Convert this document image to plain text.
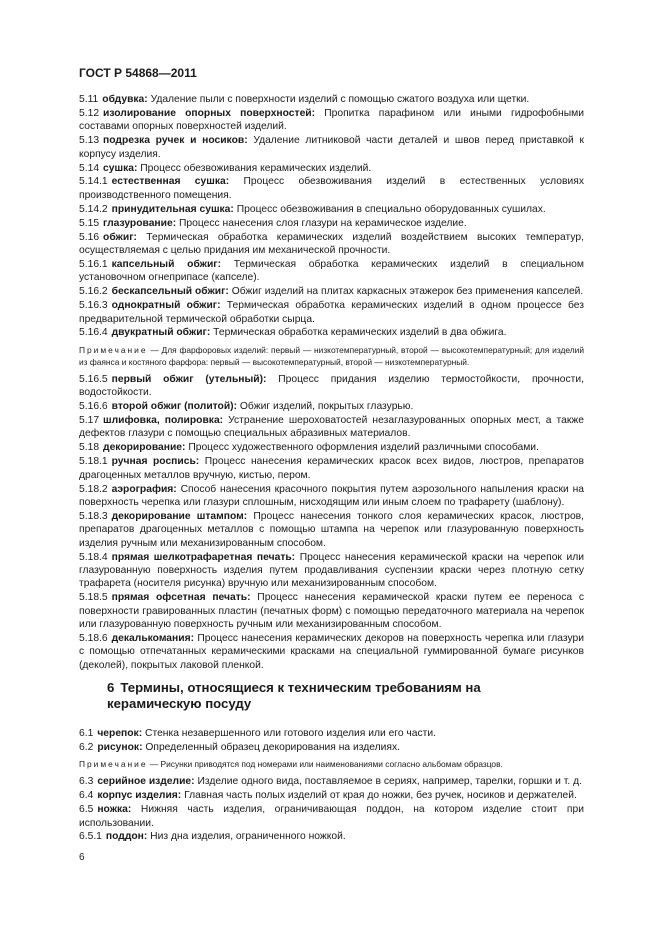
ГОСТ Р 54868—2011
5.11 обдувка: Удаление пыли с поверхности изделий с помощью сжатого воздуха или щетки.
5.12 изолирование опорных поверхностей: Пропитка парафином или иными гидрофобными составами опорных поверхностей изделий.
5.13 подрезка ручек и носиков: Удаление литниковой части деталей и швов перед приставкой к корпусу изделия.
5.14 сушка: Процесс обезвоживания керамических изделий.
5.14.1 естественная сушка: Процесс обезвоживания изделий в естественных условиях производственного помещения.
5.14.2 принудительная сушка: Процесс обезвоживания в специально оборудованных сушилах.
5.15 глазурование: Процесс нанесения слоя глазури на керамическое изделие.
5.16 обжиг: Термическая обработка керамических изделий воздействием высоких температур, осуществляемая с целью придания им механической прочности.
5.16.1 капсельный обжиг: Термическая обработка керамических изделий в специальном установочном огнеприпасе (капселе).
5.16.2 бескапсельный обжиг: Обжиг изделий на плитах каркасных этажерок без применения капселей.
5.16.3 однократный обжиг: Термическая обработка керамических изделий в одном процессе без предварительной термической обработки сырца.
5.16.4 двукратный обжиг: Термическая обработка керамических изделий в два обжига.
Примечание — Для фарфоровых изделий: первый — низкотемпературный, второй — высокотемпературный; для изделий из фаянса и костяного фарфора: первый — высокотемпературный, второй — низкотемпературный.
5.16.5 первый обжиг (утельный): Процесс придания изделию термостойкости, прочности, водостойкости.
5.16.6 второй обжиг (политой): Обжиг изделий, покрытых глазурью.
5.17 шлифовка, полировка: Устранение шероховатостей незаглазурованных опорных мест, а также дефектов глазури с помощью специальных абразивных материалов.
5.18 декорирование: Процесс художественного оформления изделий различными способами.
5.18.1 ручная роспись: Процесс нанесения керамических красок всех видов, люстров, препаратов драгоценных металлов вручную, кистью, пером.
5.18.2 аэрография: Способ нанесения красочного покрытия путем аэрозольного напыления краски на поверхность черепка или глазури сплошным, нисходящим или иным слоем по трафарету (шаблону).
5.18.3 декорирование штампом: Процесс нанесения тонкого слоя керамических красок, люстров, препаратов драгоценных металлов с помощью штампа на черепок или глазурованную поверхность изделия ручным или механизированным способом.
5.18.4 прямая шелкотрафаретная печать: Процесс нанесения керамической краски на черепок или глазурованную поверхность изделия путем продавливания суспензии краски через плотную сетку трафарета (носителя рисунка) вручную или механизированным способом.
5.18.5 прямая офсетная печать: Процесс нанесения керамической краски путем ее переноса с поверхности гравированных пластин (печатных форм) с помощью передаточного материала на черепок или глазурованную поверхность ручным или механизированным способом.
5.18.6 декалькомания: Процесс нанесения керамических декоров на поверхность черепка или глазури с помощью отпечатанных керамическими красками на специальной гуммированной бумаге рисунков (деколей), покрытых лаковой пленкой.
6 Термины, относящиеся к техническим требованиям на керамическую посуду
6.1 черепок: Стенка незавершенного или готового изделия или его части.
6.2 рисунок: Определенный образец декорирования на изделиях.
Примечание — Рисунки приводятся под номерами или наименованиями согласно альбомам образцов.
6.3 серийное изделие: Изделие одного вида, поставляемое в сериях, например, тарелки, горшки и т. д.
6.4 корпус изделия: Главная часть полых изделий от края до ножки, без ручек, носиков и держателей.
6.5 ножка: Нижняя часть изделия, ограничивающая поддон, на котором изделие стоит при использовании.
6.5.1 поддон: Низ дна изделия, ограниченного ножкой.
6
